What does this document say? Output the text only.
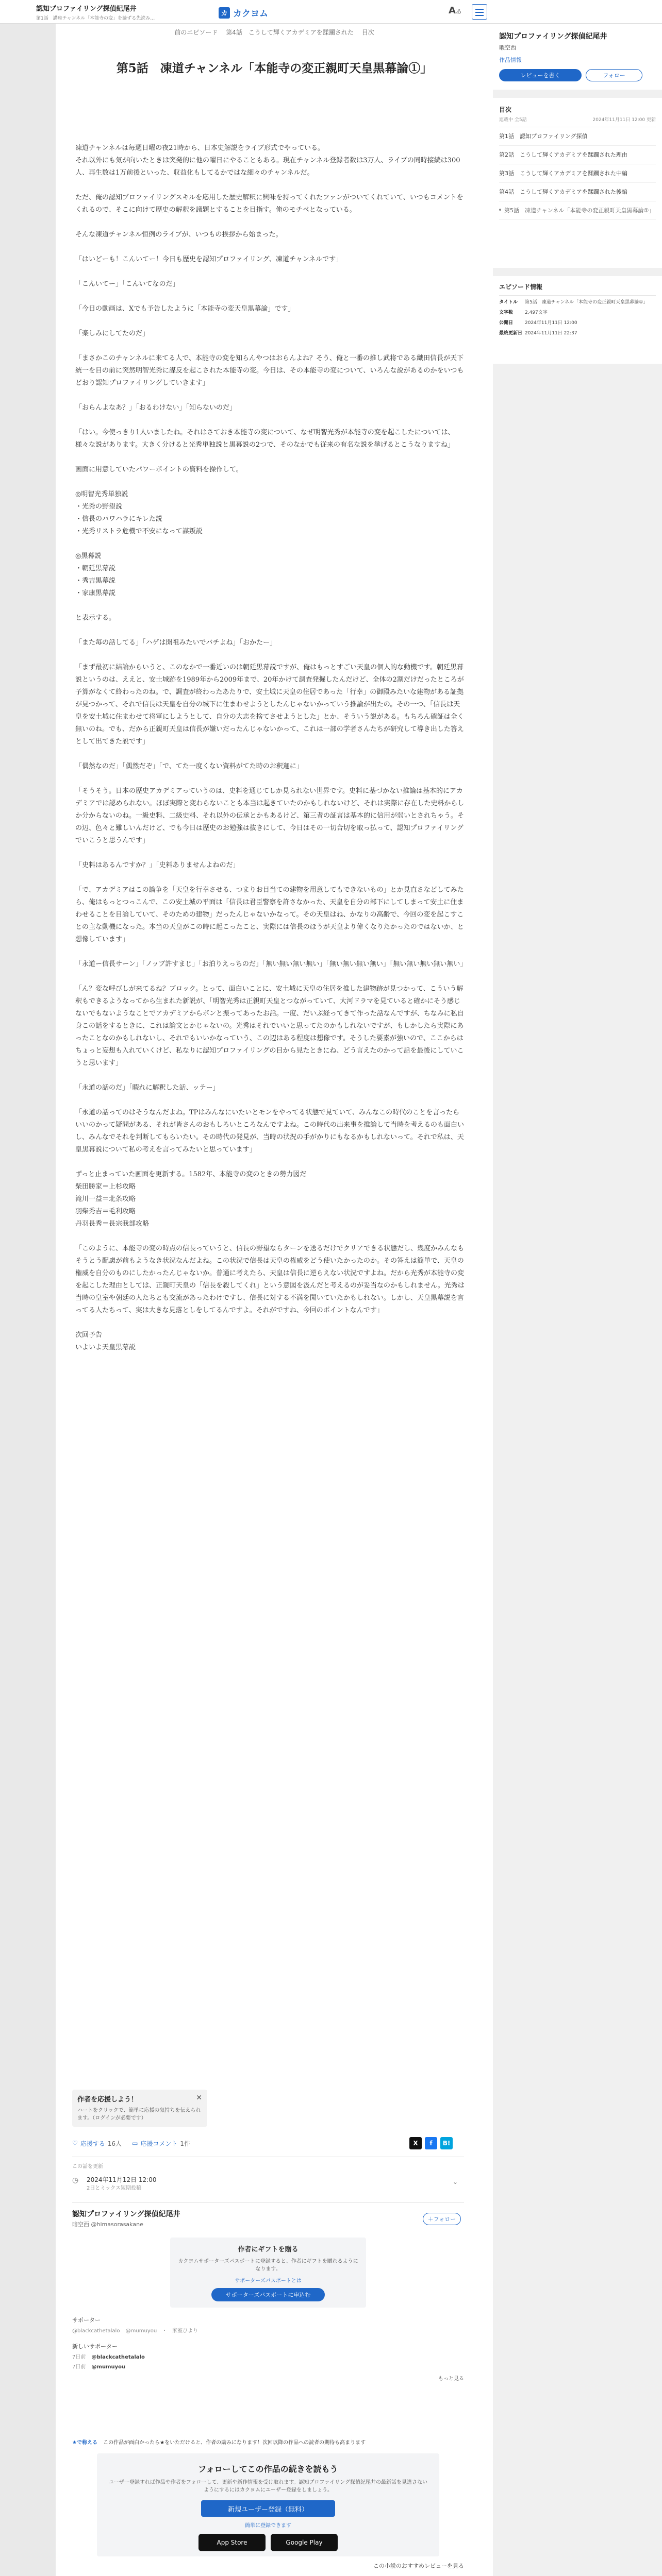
認知プロファイリング探偵紀尾井
第1話　講座チャンネル「本能寺の変」を論ずる先読み…
カ カクヨム	Aあ
前のエピソード 第4話　こうして輝くアカデミアを蹂躙された 目次
第5話　凍道チャンネル「本能寺の変正親町天皇黒幕論①」

凍道チャンネルは毎週日曜の夜21時から、日本史解説をライブ形式でやっている。
それ以外にも気が向いたときは突発的に他の曜日にやることもある。現在チャンネル登録者数は3万人、ライブの同時接続は300人、再生数は1万前後といった、収益化もしてるかではな細々のチャンネルだ。

ただ、俺の認知プロファイリングスキルを応用した歴史解釈に興味を持ってくれたファンがついてくれていて、いつもコメントをくれるので、そこに向けて歴史の解釈を議題とすることを目指す。俺のモチベとなっている。

そんな凍道チャンネル恒例のライブが、いつもの挨拶から始まった。

「はいどーも！こんいてー！今日も歴史を認知プロファイリング、凍道チャンネルです」

「こんいてー」「こんいてなのだ」

「今日の動画は、Xでも予告したように「本能寺の変天皇黒幕論」です」

「楽しみにしてたのだ」

「まさかこのチャンネルに来てる人で、本能寺の変を知らんやつはおらんよね？そう、俺と一番の推し武将である織田信長が天下統一を目の前に突然明智光秀に謀反を起こされた本能寺の変。今日は、その本能寺の変について、いろんな説があるのかをいつもどおり認知プロファイリングしていきます」

「おらんよなあ？」「おるわけない」「知らないのだ」

「はい。今使っきり1人いましたね。それはさておき本能寺の変について、なぜ明智光秀が本能寺の変を起こしたについては、様々な説があります。大きく分けると光秀単独説と黒幕説の2つで、そのなかでも従来の有名な説を挙げるとこうなりますね」

画面に用意していたパワーポイントの資料を操作して。

◎明智光秀単独説
・光秀の野望説
・信長のパワハラにキレた説
・光秀リストラ危機で不安になって謀叛説

◎黒幕説
・朝廷黒幕説
・秀吉黒幕説
・家康黒幕説

と表示する。

「また毎の話してる」「ハゲは開祖みたいでバチよね」「おかたー」

「まず最初に結論からいうと、このなかで一番近いのは朝廷黒幕説ですが、俺はもっとすごい天皇の個人的な動機です。朝廷黒幕説というのは、ええと、安土城跡を1989年から2009年まで、20年かけて調査発掘したんだけど、全体の2割だけだったところが予算がなくて終わったのね。で、調査が終わったあたりで、安土城に天皇の住居であった「行幸」の御殿みたいな建物がある証拠が見つかって、それで信長は天皇を自分の城下に住まわせようとしたんじゃないかっていう推論が出たの。その一つ、「信長は天皇を安土城に住まわせて将軍にしようとして、自分の大志を捨てさせようとした」とか、そういう説がある。もちろん確証は全く無いのね。でも、だから正親町天皇は信長が嫌いだったんじゃないかって、これは一部の学者さんたちが研究して導き出した答えとして出てきた説です」

「偶然なのだ」「偶然だぞ」「で、てた一度くない資料がてた時のお釈迦に」

「そうそう。日本の歴史アカデミアっていうのは、史料を通じてしか見られない世界です。史料に基づかない推論は基本的にアカデミアでは認められない。ほぼ実際と変わらないことも本当は起きていたのかもしれないけど、それは実際に存在した史料からしか分からないのね。一級史料、二級史料、それ以外の伝承とかもあるけど、第三者の証言は基本的に信用が弱いとされちゃう。その辺、色々と難しいんだけど、でも今日は歴史のお勉強は抜きにして、今日はその一切合切を取っ払って、認知プロファイリングでいこうと思うんです」

「史料はあるんですか？」「史料ありませんよねのだ」

「で、アカデミアはこの論争を「天皇を行幸させる、つまりお目当ての建物を用意してもできないもの」とか見直さなどしてみたら、俺はもっとつっこんで、この安土城の平面は「信長は君臣警察を許さなかった、天皇を自分の部下にしてしまって安土に住まわせることを目論していて、そのための建物」だったんじゃないかなって。その天皇はね、かなりの高齢で、今回の変を起こすことの主な動機になった。本当の天皇がこの時に起こったこと、実際には信長のほうが天皇より偉くなりたかったのではないか、と想像しています」

「永道ー信長サーン」「ノッブ許すまじ」「お泊りえっちのだ」「無い無い無い無い」「無い無い無い無い」「無い無い無い無い無い」

「ん？変な呼びしが来てるね？ブロック。とって、面白いことに、安土城に天皇の住居を推した建物跡が見つかって、こういう解釈もできるようなってから生まれた新説が、「明智光秀は正親町天皇とつながっていて、大河ドラマを見ていると確かにそう感じないでもないようなことでアカデミアからボンと振ってあったお話。一度、だいぶ経ってきて作った話なんですが、ちなみに私自身この話をするときに、これは論文とかじゃないの。光秀はそれでいいと思ってたのかもしれないですが、もしかしたら実際にあったことなのかもしれないし、それでもいいかなっていう、この辺はある程度は想像です。そうした要素が強いので、ここからはちょっと妄想も入れていくけど、私なりに認知プロファイリングの目から見たときにね、どう言えたのかって話を最後にしていこうと思います」

「永道の話のだ」「暇れに解釈した話、ッテー」

「永道の話ってのはそうなんだよね。TPはみんなにいたいとモンをやってる状態で見ていて、みんなこの時代のことを言ったらいいのかって疑問がある、それが皆さんのおもしろいところなんですよね。この時代の出来事を推論して当時を考えるのも面白いし、みんなでそれを判断してもらいたい。その時代の発見が、当時の状況の手がかりにもなるかもしれないって。それで私は、天皇黒幕説について私の考えを言ってみたいと思っています」

ずっと止まっていた画面を更新する。1582年、本能寺の変のときの勢力図だ
柴田勝家＝上杉攻略
滝川一益＝北条攻略
羽柴秀吉＝毛利攻略
丹羽長秀＝長宗我部攻略

「このように、本能寺の変の時点の信長っていうと、信長の野望ならターンを送るだけでクリアできる状態だし、幾度かみんなもそうとう配慮が前もようなき状況なんだよね。この状況で信長は天皇の権威をどう使いたかったのか。その答えは簡単で、天皇の権威を自分のものにしたかったんじゃないか。普通に考えたら、天皇は信長に逆らえない状況ですよね。だから光秀が本能寺の変を起こした理由としては、正親町天皇の「信長を殺してくれ」という意図を汲んだと考えるのが妥当なのかもしれません。光秀は当時の皇室や朝廷の人たちとも交流があったわけですし、信長に対する不満を聞いていたかもしれない。しかし、天皇黒幕説を言ってる人たちって、実は大きな見落としをしてるんですよ。それがですね、今回のポイントなんです」

次回予告
いよいよ天皇黒幕説

作者を応援しよう！
ハートをクリックで、簡単に応援の気持ちを伝えられます。（ログインが必要です）
✕
♡ 応援する 16人 ▭ 応援コメント 1件	X	f	B!
この話を更新
◷ 2024年11月12日 12:00
2日とミックス短期投稿
⌄
認知プロファイリング探偵紀尾井
暗空西 @himasorasakane
＋ フォロー
作者にギフトを贈る
カクヨムサポーターズパスポートに登録すると、作者にギフトを贈れるようになります。
サポーターズパスポートとは
サポーターズパスポートに申込む
サポーター
@blackcathetalalo @mumuyou　・　家室ひより
新しいサポーター
7日前 @blackcathetalalo
7日前 @mumuyou
もっと見る
★で称える この作品が面白かったら★をいただけると、作者の励みになります！次回以降の作品への読者の期待も高まります
フォローしてこの作品の続きを読もう
ユーザー登録すれば作品や作者をフォローして、更新や新作情報を受け取れます。認知プロファイリング探偵紀尾井の最新話を見逃さないようにするにはカクヨムにユーザー登録をしましょう。
新規ユーザー登録（無料）
簡単に登録できます
App Store	Google Play
この小説のおすすめレビューを見る
認知プロファイリング探偵紀尾井
暇空西
作品情報
レビューを書く	フォロー
目次
連載中 全5話	2024年11月11日 12:00 更新
第1話　認知プロファイリング探偵
第2話　こうして輝くアカデミアを蹂躙された理由
第3話　こうして輝くアカデミアを蹂躙された中編
第4話　こうして輝くアカデミアを蹂躙された後編
第5話　凍道チャンネル「本能寺の変正親町天皇黒幕論①」
エピソード情報
タイトル	第5話　凍道チャンネル「本能寺の変正親町天皇黒幕論①」
文字数	2,497文字
公開日	2024年11月11日 12:00
最終更新日 2024年11月11日 22:37
